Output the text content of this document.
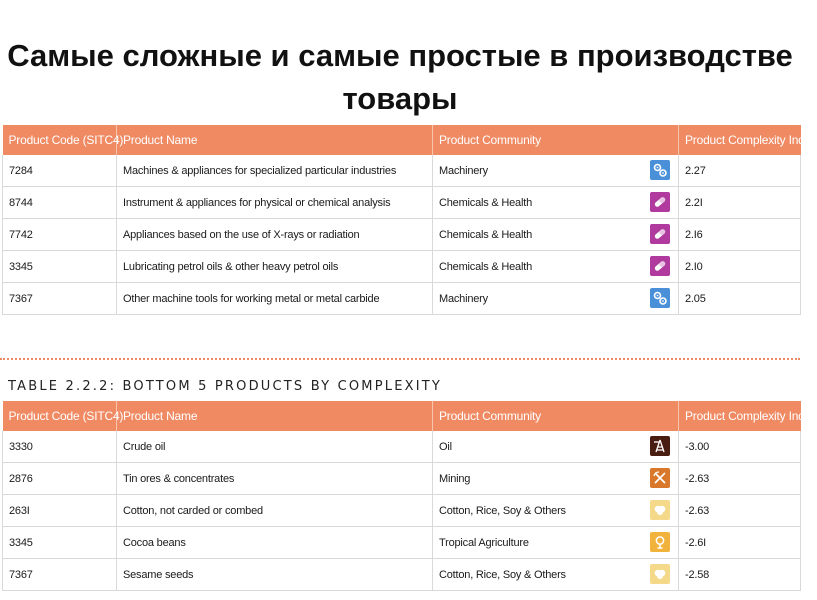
Самые сложные и самые простые в производстве товары
Product Code (SITC4)	Product Name	Product Community	Product Complexity Index
7284	Machines & appliances for specialized particular industries	Machinery	2.27
8744	Instrument & appliances for physical or chemical analysis	Chemicals & Health	2.2I
7742	Appliances based on the use of X-rays or radiation	Chemicals & Health	2.I6
3345	Lubricating petrol oils & other heavy petrol oils	Chemicals & Health	2.I0
7367	Other machine tools for working metal or metal carbide	Machinery	2.05
TABLE 2.2.2: BOTTOM 5 PRODUCTS BY COMPLEXITY
Product Code (SITC4)	Product Name	Product Community	Product Complexity Index
3330	Crude oil	Oil	-3.00
2876	Tin ores & concentrates	Mining	-2.63
263I	Cotton, not carded or combed	Cotton, Rice, Soy & Others	-2.63
3345	Cocoa beans	Tropical Agriculture	-2.6I
7367	Sesame seeds	Cotton, Rice, Soy & Others	-2.58
